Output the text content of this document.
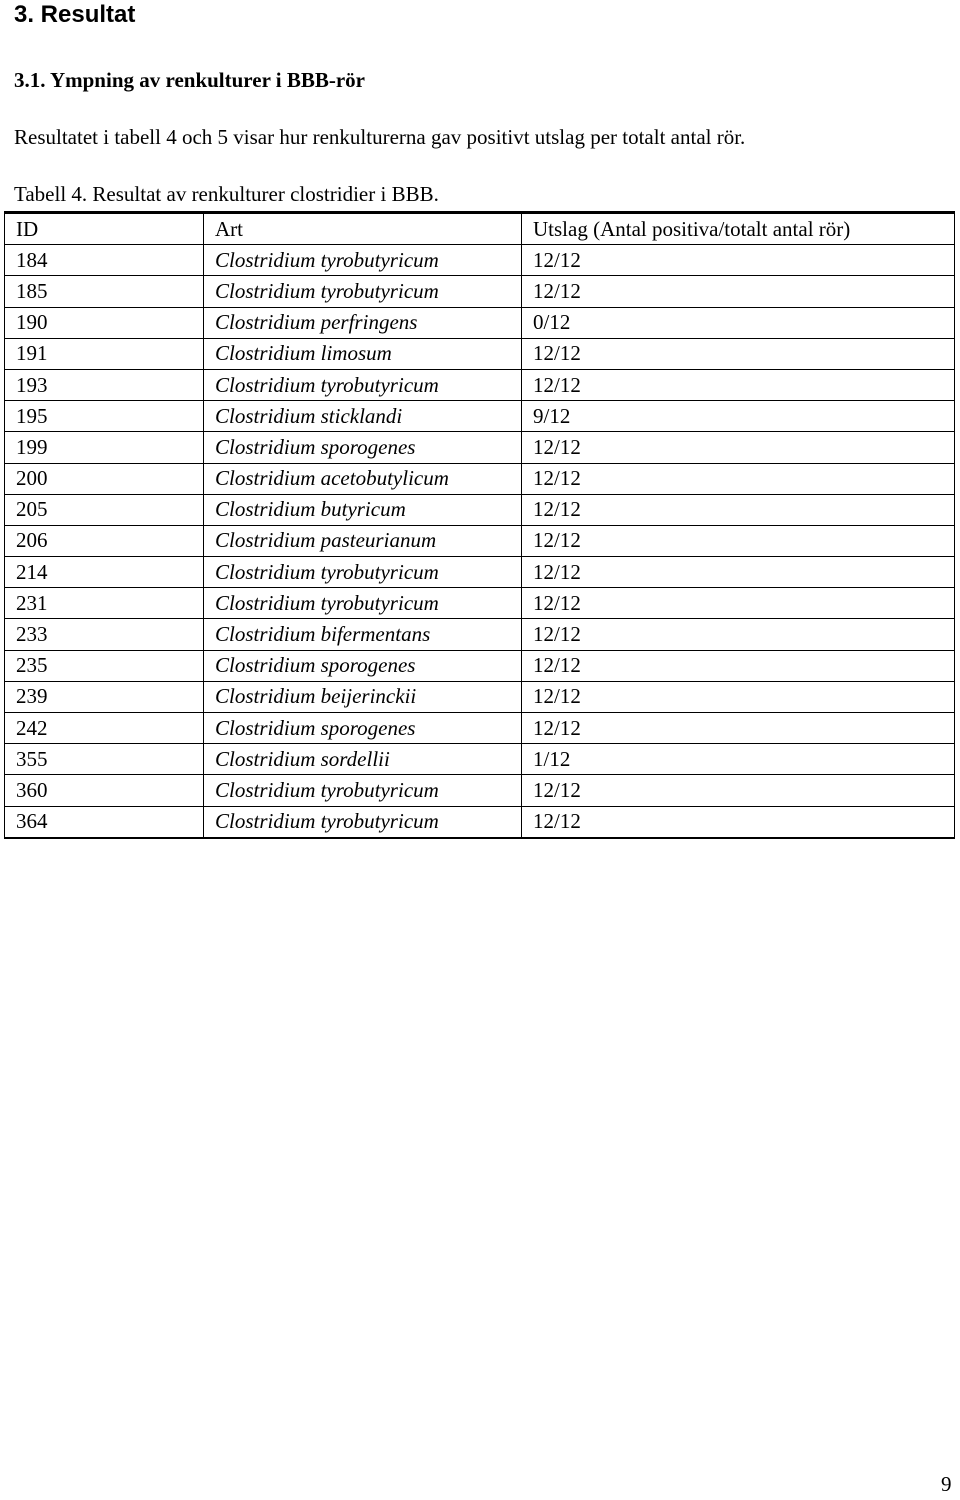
3. Resultat
3.1. Ympning av renkulturer i BBB-rör
Resultatet i tabell 4 och 5 visar hur renkulturerna gav positivt utslag per totalt antal rör.
Tabell 4. Resultat av renkulturer clostridier i BBB.
ID	Art	Utslag (Antal positiva/totalt antal rör)
184	Clostridium tyrobutyricum	12/12
185	Clostridium tyrobutyricum	12/12
190	Clostridium perfringens	0/12
191	Clostridium limosum	12/12
193	Clostridium tyrobutyricum	12/12
195	Clostridium sticklandi	9/12
199	Clostridium sporogenes	12/12
200	Clostridium acetobutylicum	12/12
205	Clostridium butyricum	12/12
206	Clostridium pasteurianum	12/12
214	Clostridium tyrobutyricum	12/12
231	Clostridium tyrobutyricum	12/12
233	Clostridium bifermentans	12/12
235	Clostridium sporogenes	12/12
239	Clostridium beijerinckii	12/12
242	Clostridium sporogenes	12/12
355	Clostridium sordellii	1/12
360	Clostridium tyrobutyricum	12/12
364	Clostridium tyrobutyricum	12/12
9
